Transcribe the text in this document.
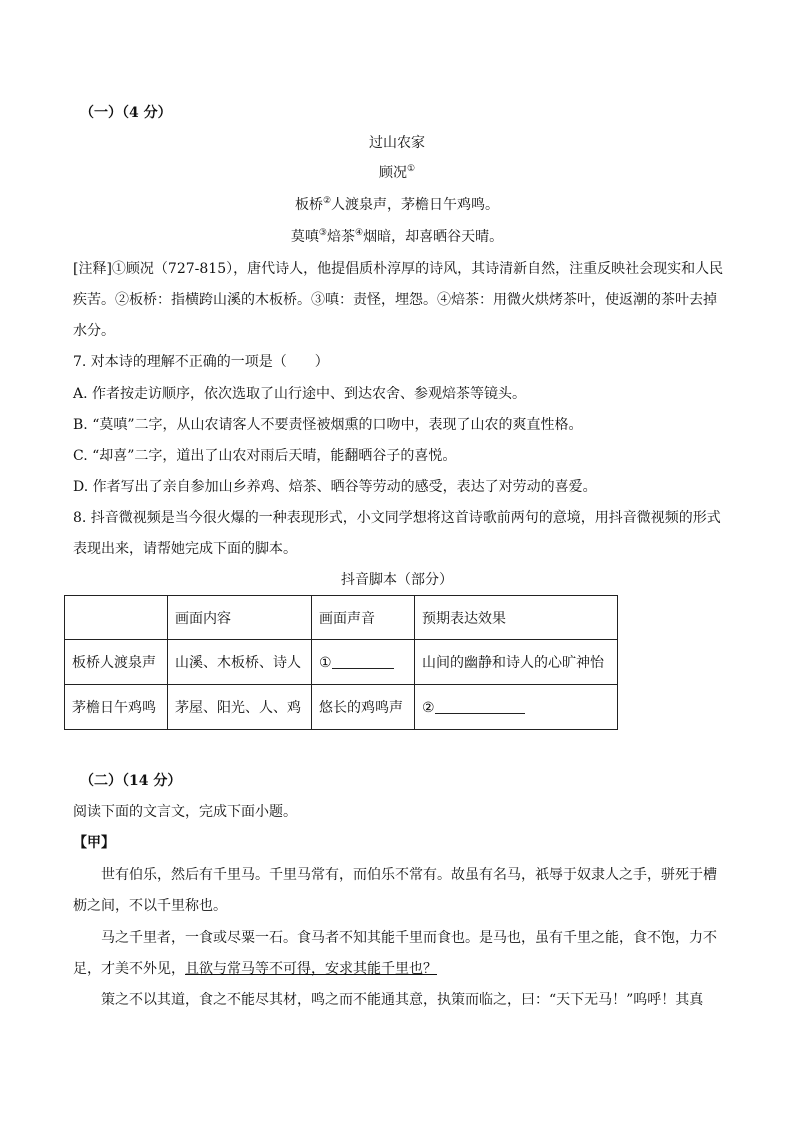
（一）（4 分）
过山农家
顾况①
板桥②人渡泉声，茅檐日午鸡鸣。
莫嗔③焙茶④烟暗，却喜晒谷天晴。
[注释]①顾况（727-815），唐代诗人，他提倡质朴淳厚的诗风，其诗清新自然，注重反映社会现实和人民
疾苦。②板桥：指横跨山溪的木板桥。③嗔：责怪，埋怨。④焙茶：用微火烘烤茶叶，使返潮的茶叶去掉
水分。
7. 对本诗的理解不正确的一项是（　　）
A. 作者按走访顺序，依次选取了山行途中、到达农舍、参观焙茶等镜头。
B. “莫嗔”二字，从山农请客人不要责怪被烟熏的口吻中，表现了山农的爽直性格。
C. “却喜”二字，道出了山农对雨后天晴，能翻晒谷子的喜悦。
D. 作者写出了亲自参加山乡养鸡、焙茶、晒谷等劳动的感受，表达了对劳动的喜爱。
8. 抖音微视频是当今很火爆的一种表现形式，小文同学想将这首诗歌前两句的意境，用抖音微视频的形式
表现出来，请帮她完成下面的脚本。
抖音脚本（部分）
	画面内容	画面声音	预期表达效果
板桥人渡泉声	山溪、木板桥、诗人	①	山间的幽静和诗人的心旷神怡
茅檐日午鸡鸣	茅屋、阳光、人、鸡	悠长的鸡鸣声	②
（二）（14 分）
阅读下面的文言文，完成下面小题。
【甲】
世有伯乐，然后有千里马。千里马常有，而伯乐不常有。故虽有名马，祇辱于奴隶人之手，骈死于槽
枥之间，不以千里称也。
马之千里者，一食或尽粟一石。食马者不知其能千里而食也。是马也，虽有千里之能，食不饱，力不
足，才美不外见，且欲与常马等不可得，安求其能千里也？
策之不以其道，食之不能尽其材，鸣之而不能通其意，执策而临之，曰：“天下无马！”呜呼！其真
